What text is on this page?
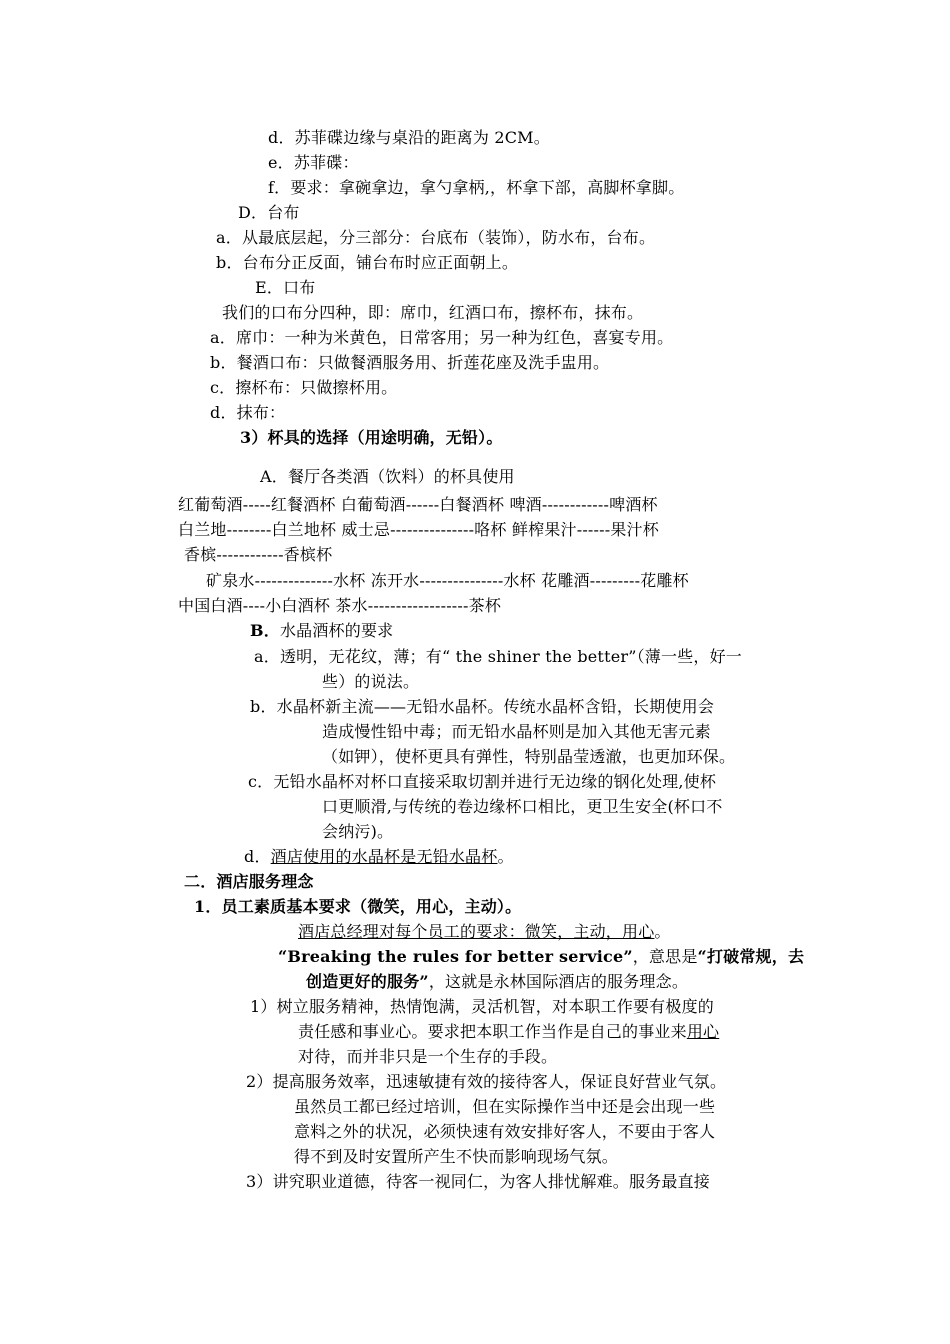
d．苏菲碟边缘与桌沿的距离为 2CM。
e．苏菲碟：
f．要求：拿碗拿边，拿勺拿柄,，杯拿下部，高脚杯拿脚。
D．台布
a．从最底层起，分三部分：台底布（装饰），防水布，台布。
b．台布分正反面，铺台布时应正面朝上。
E．口布
我们的口布分四种，即：席巾，红酒口布，擦杯布，抹布。
a．席巾：一种为米黄色，日常客用；另一种为红色，喜宴专用。
b．餐酒口布：只做餐酒服务用、折莲花座及洗手盅用。
c．擦杯布：只做擦杯用。
d．抹布：
3）杯具的选择（用途明确，无铅）。
A．餐厅各类酒（饮料）的杯具使用
红葡萄酒-----红餐酒杯 白葡萄酒------白餐酒杯 啤酒------------啤酒杯
白兰地--------白兰地杯 威士忌---------------咯杯 鲜榨果汁------果汁杯
香槟------------香槟杯
矿泉水--------------水杯 冻开水---------------水杯 花雕酒---------花雕杯
中国白酒----小白酒杯 茶水------------------茶杯
B．水晶酒杯的要求
a．透明，无花纹，薄；有“ the shiner the better”（薄一些，好一
些）的说法。
b．水晶杯新主流——无铅水晶杯。传统水晶杯含铅，长期使用会
造成慢性铅中毒；而无铅水晶杯则是加入其他无害元素
（如钾），使杯更具有弹性，特别晶莹透澈，也更加环保。
c．无铅水晶杯对杯口直接采取切割并进行无边缘的钢化处理,使杯
口更顺滑,与传统的卷边缘杯口相比，更卫生安全(杯口不
会纳污)。
d．酒店使用的水晶杯是无铅水晶杯。
二．酒店服务理念
1．员工素质基本要求（微笑，用心，主动）。
酒店总经理对每个员工的要求：微笑，主动，用心。
“Breaking the rules for better service”，意思是“打破常规，去
创造更好的服务”，这就是永林国际酒店的服务理念。
1）树立服务精神，热情饱满，灵活机智，对本职工作要有极度的
责任感和事业心。要求把本职工作当作是自己的事业来用心
对待，而并非只是一个生存的手段。
2）提高服务效率，迅速敏捷有效的接待客人，保证良好营业气氛。
虽然员工都已经过培训，但在实际操作当中还是会出现一些
意料之外的状况，必须快速有效安排好客人，不要由于客人
得不到及时安置所产生不快而影响现场气氛。
3）讲究职业道德，待客一视同仁，为客人排忧解难。服务最直接
